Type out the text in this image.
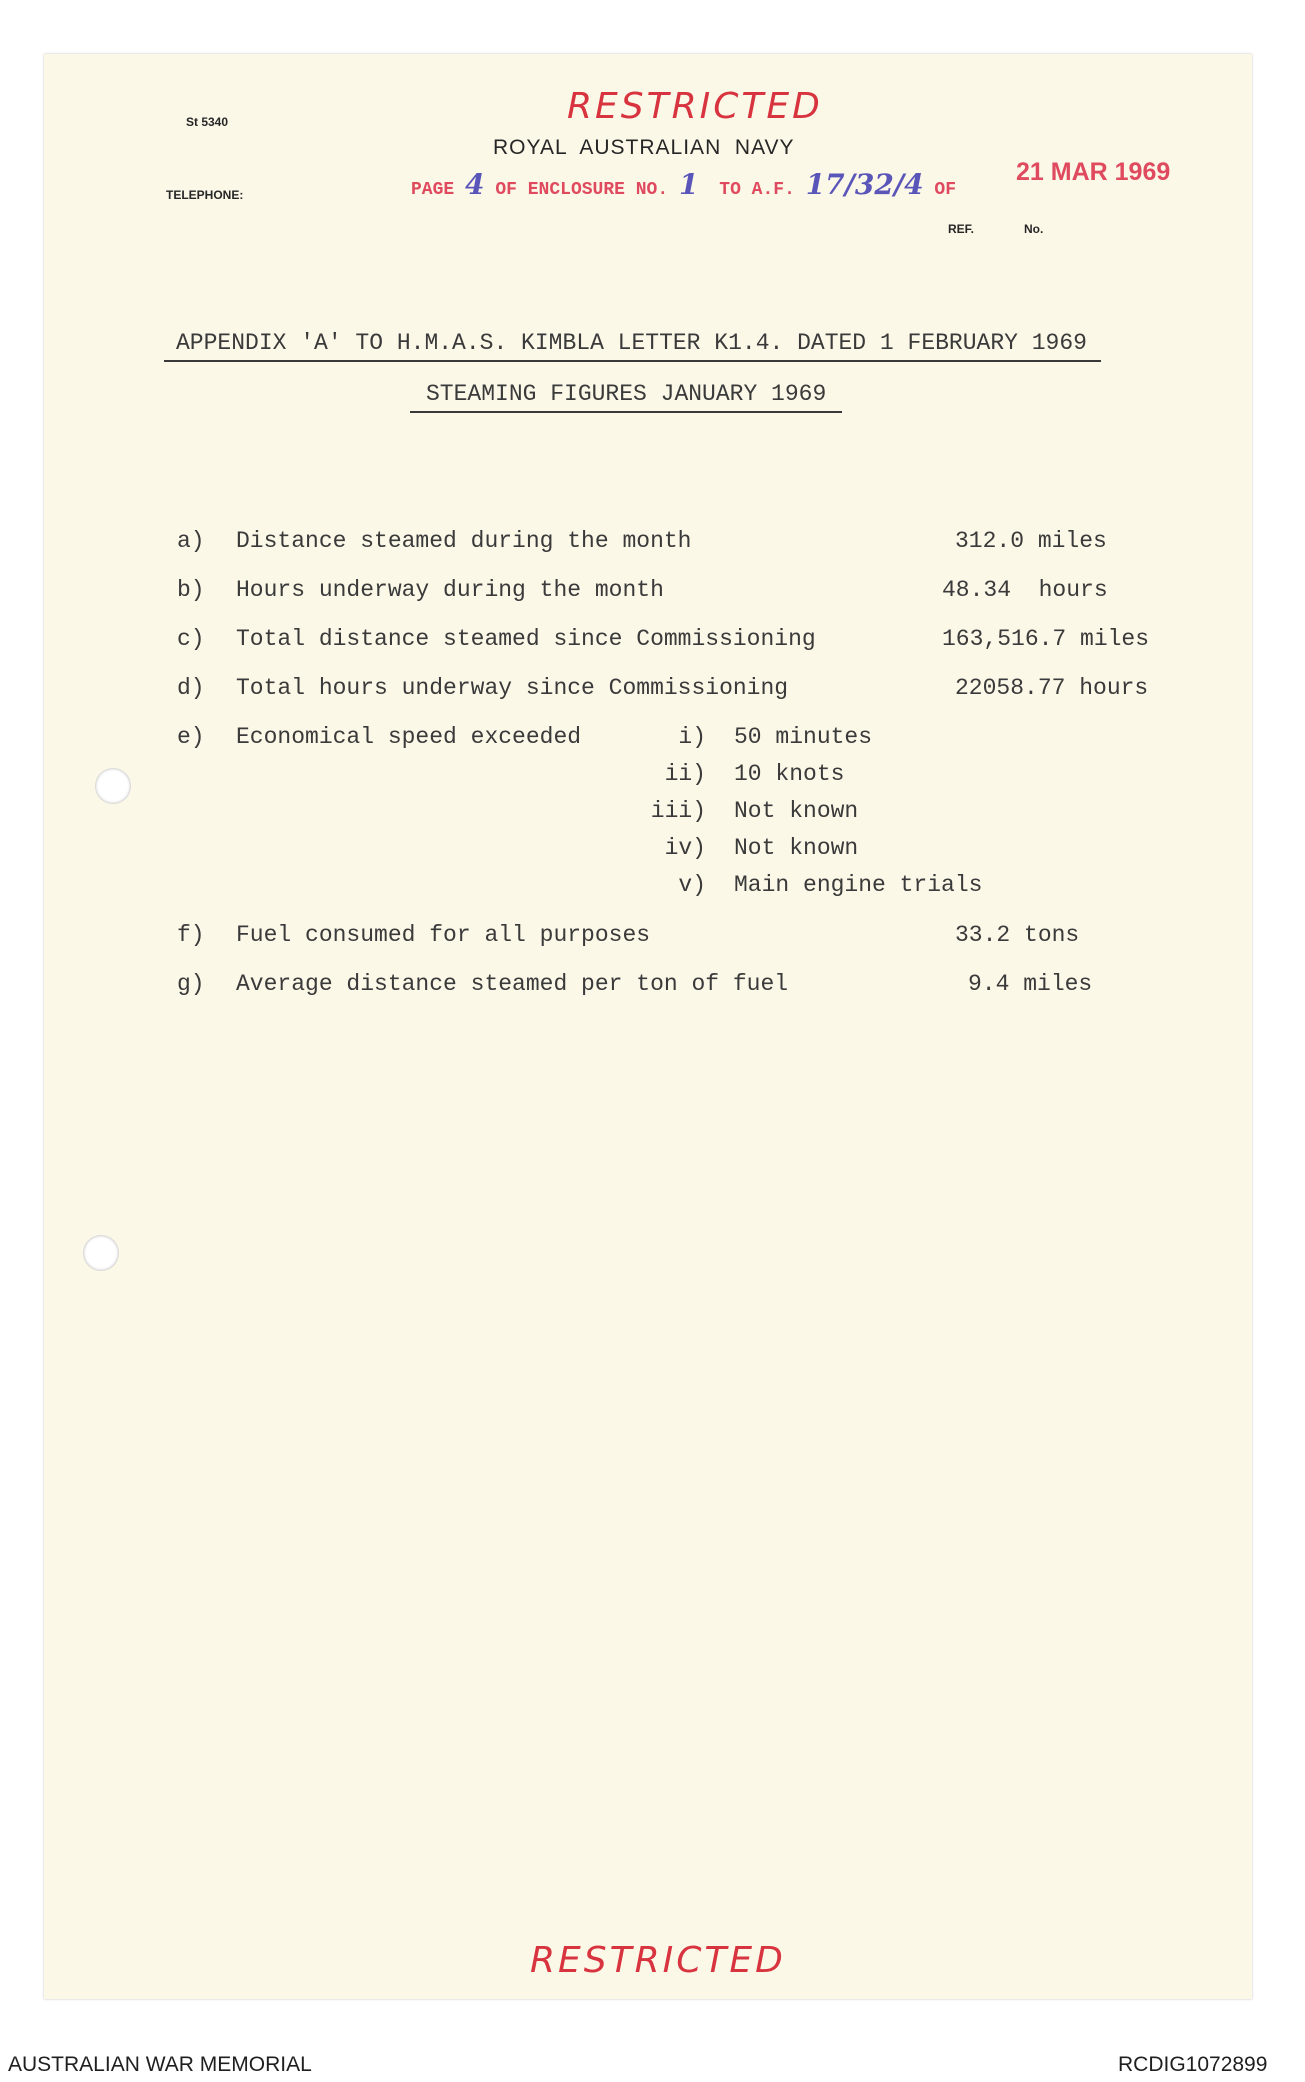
RESTRICTED
St 5340
TELEPHONE:
ROYAL  AUSTRALIAN  NAVY
PAGE 4 OF ENCLOSURE NO. 1 TO A.F. 17/32/4 OF
21 MAR 1969
REF.	No.
APPENDIX 'A' TO H.M.A.S. KIMBLA LETTER K1.4. DATED 1 FEBRUARY 1969
STEAMING FIGURES JANUARY 1969
a) Distance steamed during the month	312.0 miles
b) Hours underway during the month	48.34  hours
c) Total distance steamed since Commissioning	163,516.7 miles
d) Total hours underway since Commissioning	22058.77 hours
e) Economical speed exceeded	i) 50 minutes
ii) 10 knots
iii) Not known
iv) Not known
v) Main engine trials
f) Fuel consumed for all purposes	33.2 tons
g) Average distance steamed per ton of fuel	9.4 miles
RESTRICTED
AUSTRALIAN WAR MEMORIAL	RCDIG1072899
